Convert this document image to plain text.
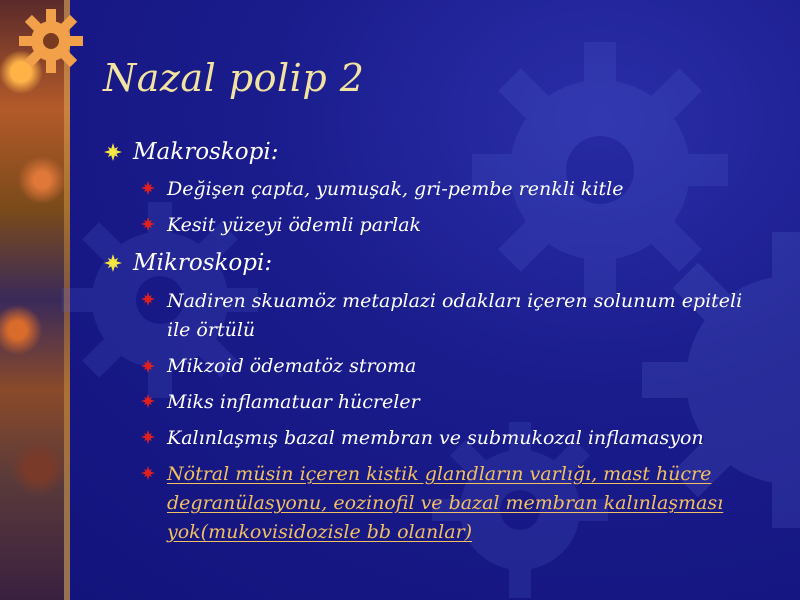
Nazal polip 2
Makroskopi:
Değişen çapta, yumuşak, gri-pembe renkli kitle
Kesit yüzeyi ödemli parlak
Mikroskopi:
Nadiren skuamöz metaplazi odakları içeren solunum epiteli ile örtülü
Mikzoid ödematöz stroma
Miks inflamatuar hücreler
Kalınlaşmış bazal membran ve submukozal inflamasyon
Nötral müsin içeren kistik glandların varlığı, mast hücre degranülasyonu, eozinofil ve bazal membran kalınlaşması yok(mukovisidozisle bb olanlar)
